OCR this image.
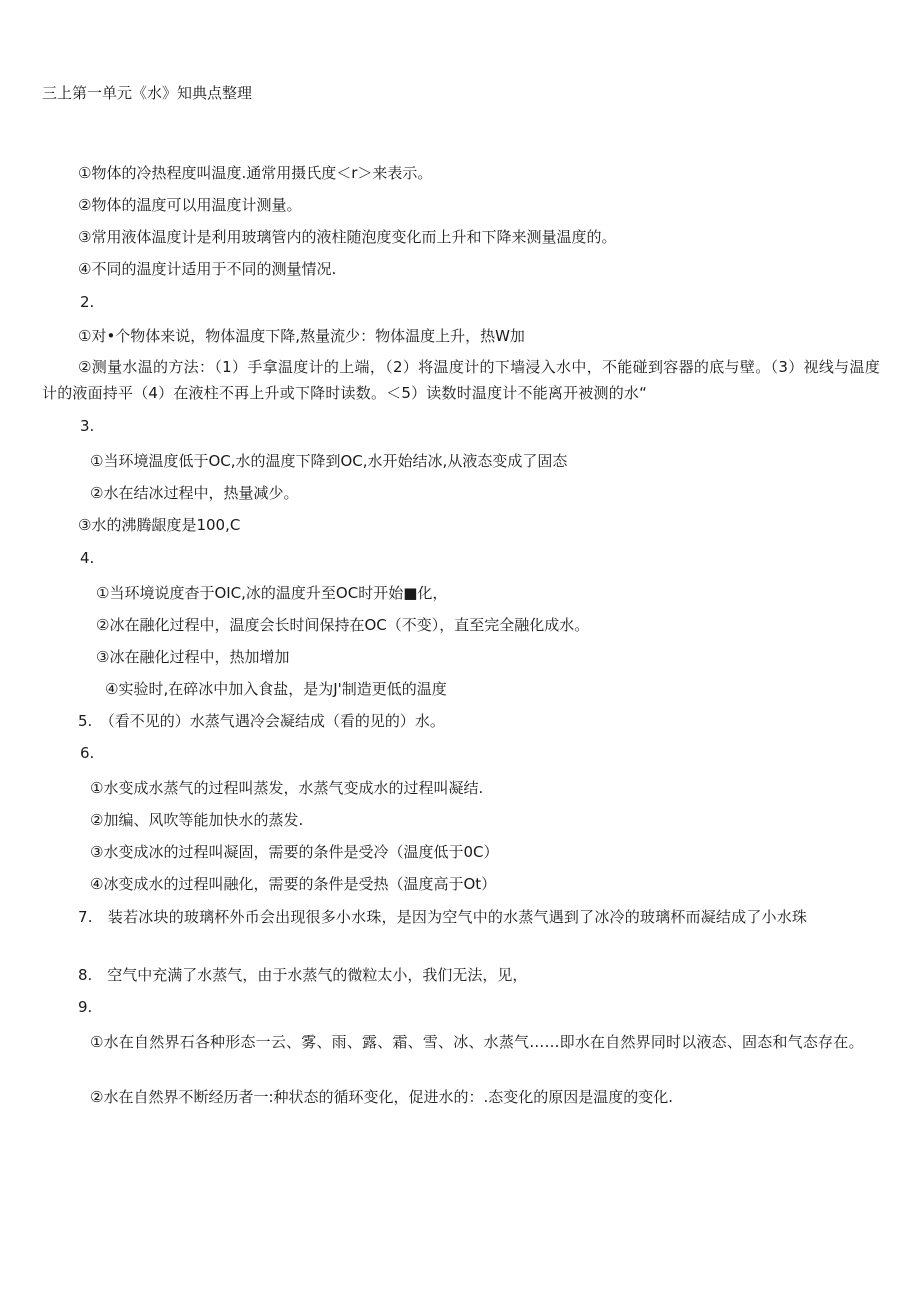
三上第一单元《水》知典点整理
①物体的冷热程度叫温度.通常用摄氏度＜r＞来表示。
②物体的温度可以用温度计测量。
③常用液体温度计是利用玻璃管内的液柱随泡度变化而上升和下降来测量温度的。
④不同的温度计适用于不同的测量情况.
2.
①对•个物体来说，物体温度下降,熬量流少：物体温度上升，热W加
②测量水温的方法：（1）手拿温度计的上端，（2）将温度计的下墙浸入水中，不能碰到容器的底与壁。（3）视线与温度计的液面持平（4）在液柱不再上升或下降时读数。＜5）读数时温度计不能离开被测的水“
3.
①当环境温度低于OC,水的温度下降到OC,水开始结冰,从液态变成了固态
②水在结冰过程中，热量减少。
③水的沸腾龈度是100,C
4.
①当环境说度杳于OIC,冰的温度升至OC时开始■化，
②冰在融化过程中，温度会长时间保持在OC（不变），直至完全融化成水。
③冰在融化过程中，热加增加
④实验时,在碎冰中加入食盐，是为J'制造更低的温度
5.　（看不见的）水蒸气遇冷会凝结成（看的见的）水。
6.
①水变成水蒸气的过程叫蒸发，水蒸气变成水的过程叫凝结.
②加编、风吹等能加快水的蒸发.
③水变成冰的过程叫凝固，需要的条件是受冷（温度低于0C）
④冰变成水的过程叫融化，需要的条件是受热（温度高于Ot）
7.　装若冰块的玻璃杯外币会出现很多小水珠，是因为空气中的水蒸气遇到了冰冷的玻璃杯而凝结成了小水珠
8.　空气中充满了水蒸气，由于水蒸气的微粒太小，我们无法，见，
9.
①水在自然界石各种形态一云、雾、雨、露、霜、雪、冰、水蒸气……即水在自然界同时以液态、固态和气态存在。
②水在自然界不断经历者一:种状态的循环变化，促进水的：.态变化的原因是温度的变化.
